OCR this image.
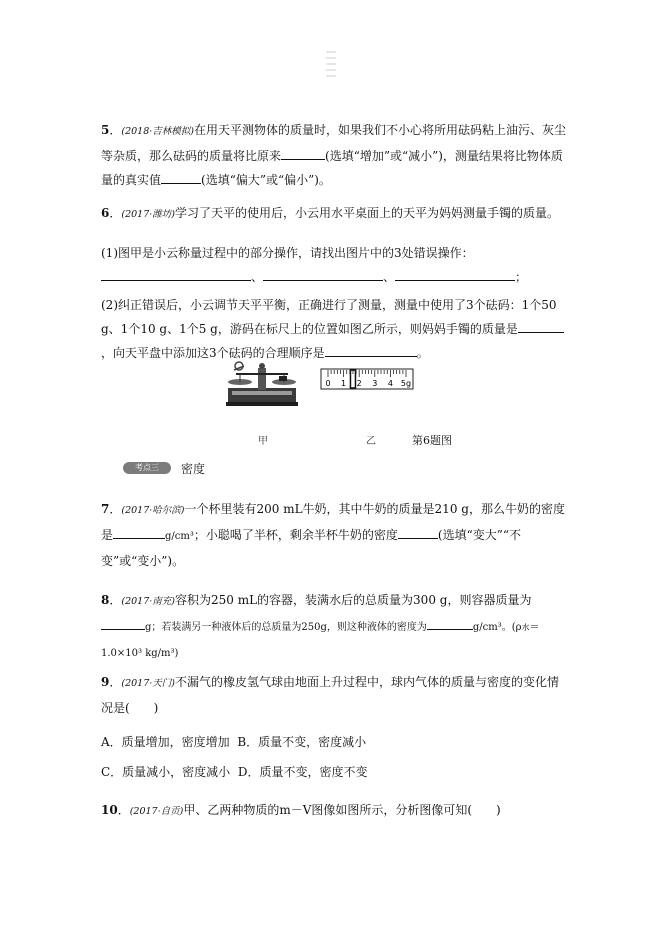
5．(2018·吉林模拟)在用天平测物体的质量时，如果我们不小心将所用砝码粘上油污、灰尘等杂质，那么砝码的质量将比原来	(选填“增加”或“减小”)，测量结果将比物体质量的真实值	(选填“偏大”或“偏小”)。

6．(2017·潍坊)学习了天平的使用后，小云用水平桌面上的天平为妈妈测量手镯的质量。

(1)图甲是小云称量过程中的部分操作，请找出图片中的3处错误操作：
、	、	；

(2)纠正错误后，小云调节天平平衡，正确进行了测量，测量中使用了3个砝码：1个50 g、1个10 g、1个5 g，游码在标尺上的位置如图乙所示，则妈妈手镯的质量是，向天平盘中添加这3个砝码的合理顺序是	。

甲
0 1 2 3 4 5g
乙	第6题图
考点三	密度

7．(2017·哈尔滨)一个杯里装有200 mL牛奶，其中牛奶的质量是210 g，那么牛奶的密度是	g/cm³；小聪喝了半杯，剩余半杯牛奶的密度	(选填“变大”“不变”或“变小”)。

8．(2017·南充)容积为250 mL的容器，装满水后的总质量为300 g，则容器质量为g；若装满另一种液体后的总质量为250g，则这种液体的密度为	g/cm³。(ρ水＝1.0×10³ kg/m³)

9．(2017·天门)不漏气的橡皮氢气球由地面上升过程中，球内气体的质量与密度的变化情况是(　　)

A．质量增加，密度增加 B．质量不变，密度减小

C．质量减小，密度减小 D．质量不变，密度不变

10．(2017·自贡)甲、乙两种物质的m－V图像如图所示，分析图像可知(　　)
